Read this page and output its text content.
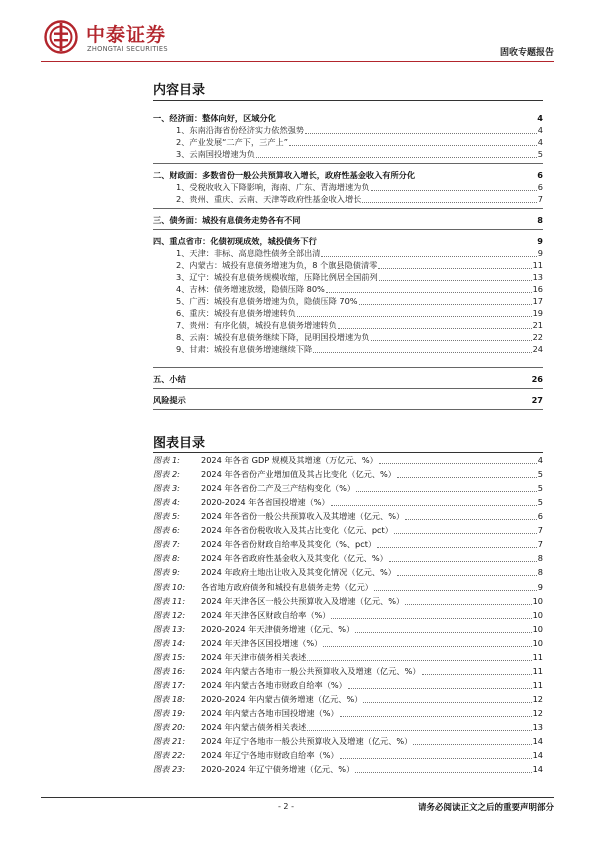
中泰证券
ZHONGTAI SECURITIES	固收专题报告
内容目录
一、经济面：整体向好，区域分化	4
1、东南沿海省份经济实力依然强势	4
2、产业发展“二产下，三产上”	4
3、云南国投增速为负	5
二、财政面：多数省份一般公共预算收入增长，政府性基金收入有所分化	6
1、受税收收入下降影响，海南、广东、青海增速为负	6
2、贵州、重庆、云南、天津等政府性基金收入增长	7
三、债务面：城投有息债务走势各有不同	8
四、重点省市：化债初现成效，城投债务下行	9
1、天津：非标、高息隐性债务全部出清	9
2、内蒙古：城投有息债务增速为负，8 个旗县隐债清零	11
3、辽宁：城投有息债务规模收缩，压降比例居全国前列	13
4、吉林：债务增速放缓，隐债压降 80%	16
5、广西：城投有息债务增速为负，隐债压降 70%	17
6、重庆：城投有息债务增速转负	19
7、贵州：有序化债，城投有息债务增速转负	21
8、云南：城投有息债务继续下降，昆明国投增速为负	22
9、甘肃：城投有息债务增速继续下降	24
五、小结	26
风险提示	27
图表目录
图表 1:	2024 年各省 GDP 规模及其增速（万亿元、%）	4
图表 2:	2024 年各省份产业增加值及其占比变化（亿元、%）	5
图表 3:	2024 年各省份二产及三产结构变化（%）	5
图表 4:	2020-2024 年各省国投增速（%）	5
图表 5:	2024 年各省份一般公共预算收入及其增速（亿元、%）	6
图表 6:	2024 年各省份税收收入及其占比变化（亿元、pct）	7
图表 7:	2024 年各省份财政自给率及其变化（%、pct）	7
图表 8:	2024 年各省政府性基金收入及其变化（亿元、%）	8
图表 9:	2024 年政府土地出让收入及其变化情况（亿元、%）	8
图表 10:	各省地方政府债务和城投有息债务走势（亿元）	9
图表 11:	2024 年天津各区一般公共预算收入及增速（亿元、%）	10
图表 12:	2024 年天津各区财政自给率（%）	10
图表 13:	2020-2024 年天津债务增速（亿元、%）	10
图表 14:	2024 年天津各区国投增速（%）	10
图表 15:	2024 年天津市债务相关表述	11
图表 16:	2024 年内蒙古各地市一般公共预算收入及增速（亿元、%）	11
图表 17:	2024 年内蒙古各地市财政自给率（%）	11
图表 18:	2020-2024 年内蒙古债务增速（亿元、%）	12
图表 19:	2024 年内蒙古各地市国投增速（%）	12
图表 20:	2024 年内蒙古债务相关表述	13
图表 21:	2024 年辽宁各地市一般公共预算收入及增速（亿元、%）	14
图表 22:	2024 年辽宁各地市财政自给率（%）	14
图表 23:	2020-2024 年辽宁债务增速（亿元、%）	14
- 2 -	请务必阅读正文之后的重要声明部分
